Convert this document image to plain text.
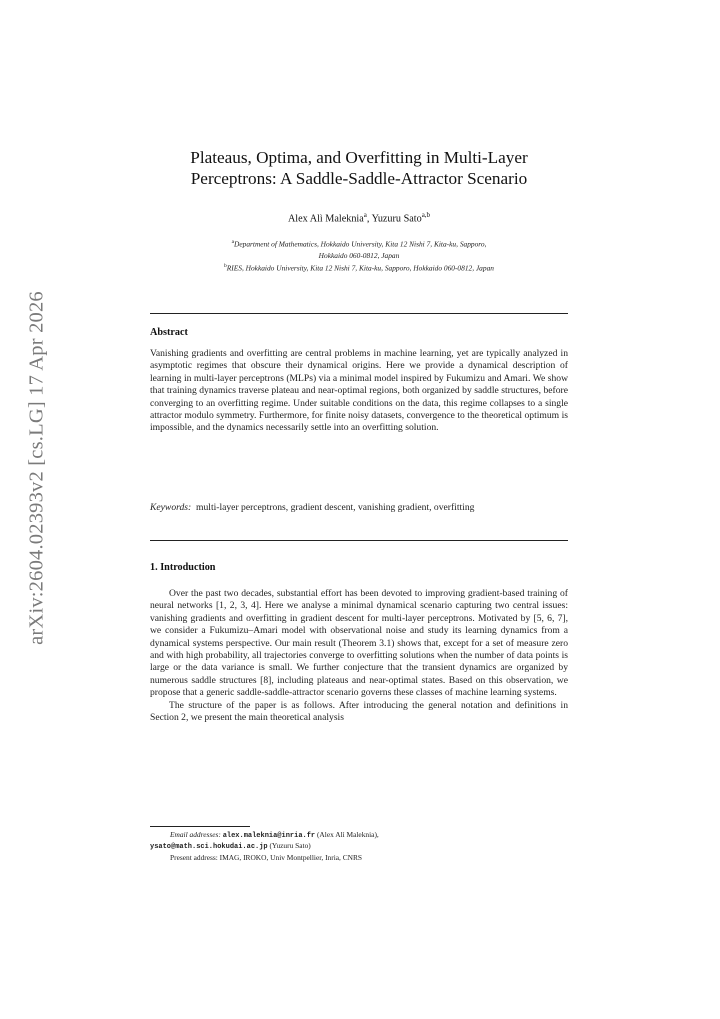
arXiv:2604.02393v2 [cs.LG] 17 Apr 2026
Plateaus, Optima, and Overfitting in Multi-Layer
Perceptrons: A Saddle-Saddle-Attractor Scenario
Alex Alì Maleknia$^a$, Yuzuru Sato$^{a,b}$
$^a$Department of Mathematics, Hokkaido University, Kita 12 Nishi 7, Kita-ku, Sapporo,
Hokkaido 060-0812, Japan
$^b$RIES, Hokkaido University, Kita 12 Nishi 7, Kita-ku, Sapporo, Hokkaido 060-0812, Japan
Abstract
Vanishing gradients and overfitting are central problems in machine learning, yet are typically analyzed in asymptotic regimes that obscure their dynamical origins. Here we provide a dynamical description of learning in multi-layer perceptrons (MLPs) via a minimal model inspired by Fukumizu and Amari. We show that training dynamics traverse plateau and near-optimal regions, both organized by saddle structures, before converging to an overfitting regime. Under suitable conditions on the data, this regime collapses to a single attractor modulo symmetry. Furthermore, for finite noisy datasets, convergence to the theoretical optimum is impossible, and the dynamics necessarily settle into an overfitting solution.
Keywords: multi-layer perceptrons, gradient descent, vanishing gradient, overfitting
1. Introduction

Over the past two decades, substantial effort has been devoted to improving gradient-based training of neural networks [1, 2, 3, 4]. Here we analyse a minimal dynamical scenario capturing two central issues: vanishing gradients and overfitting in gradient descent for multi-layer perceptrons. Motivated by [5, 6, 7], we consider a Fukumizu–Amari model with observational noise and study its learning dynamics from a dynamical systems perspective. Our main result (Theorem 3.1) shows that, except for a set of measure zero and with high probability, all trajectories converge to overfitting solutions when the number of data points is large or the data variance is small. We further conjecture that the transient dynamics are organized by numerous saddle structures [8], including plateaus and near-optimal states. Based on this observation, we propose that a generic saddle-saddle-attractor scenario governs these classes of machine learning systems.

The structure of the paper is as follows. After introducing the general notation and definitions in Section 2, we present the main theoretical analysis

Email addresses: alex.maleknia@inria.fr (Alex Alì Maleknia),
ysato@math.sci.hokudai.ac.jp (Yuzuru Sato)
Present address: IMAG, IROKO, Univ Montpellier, Inria, CNRS
